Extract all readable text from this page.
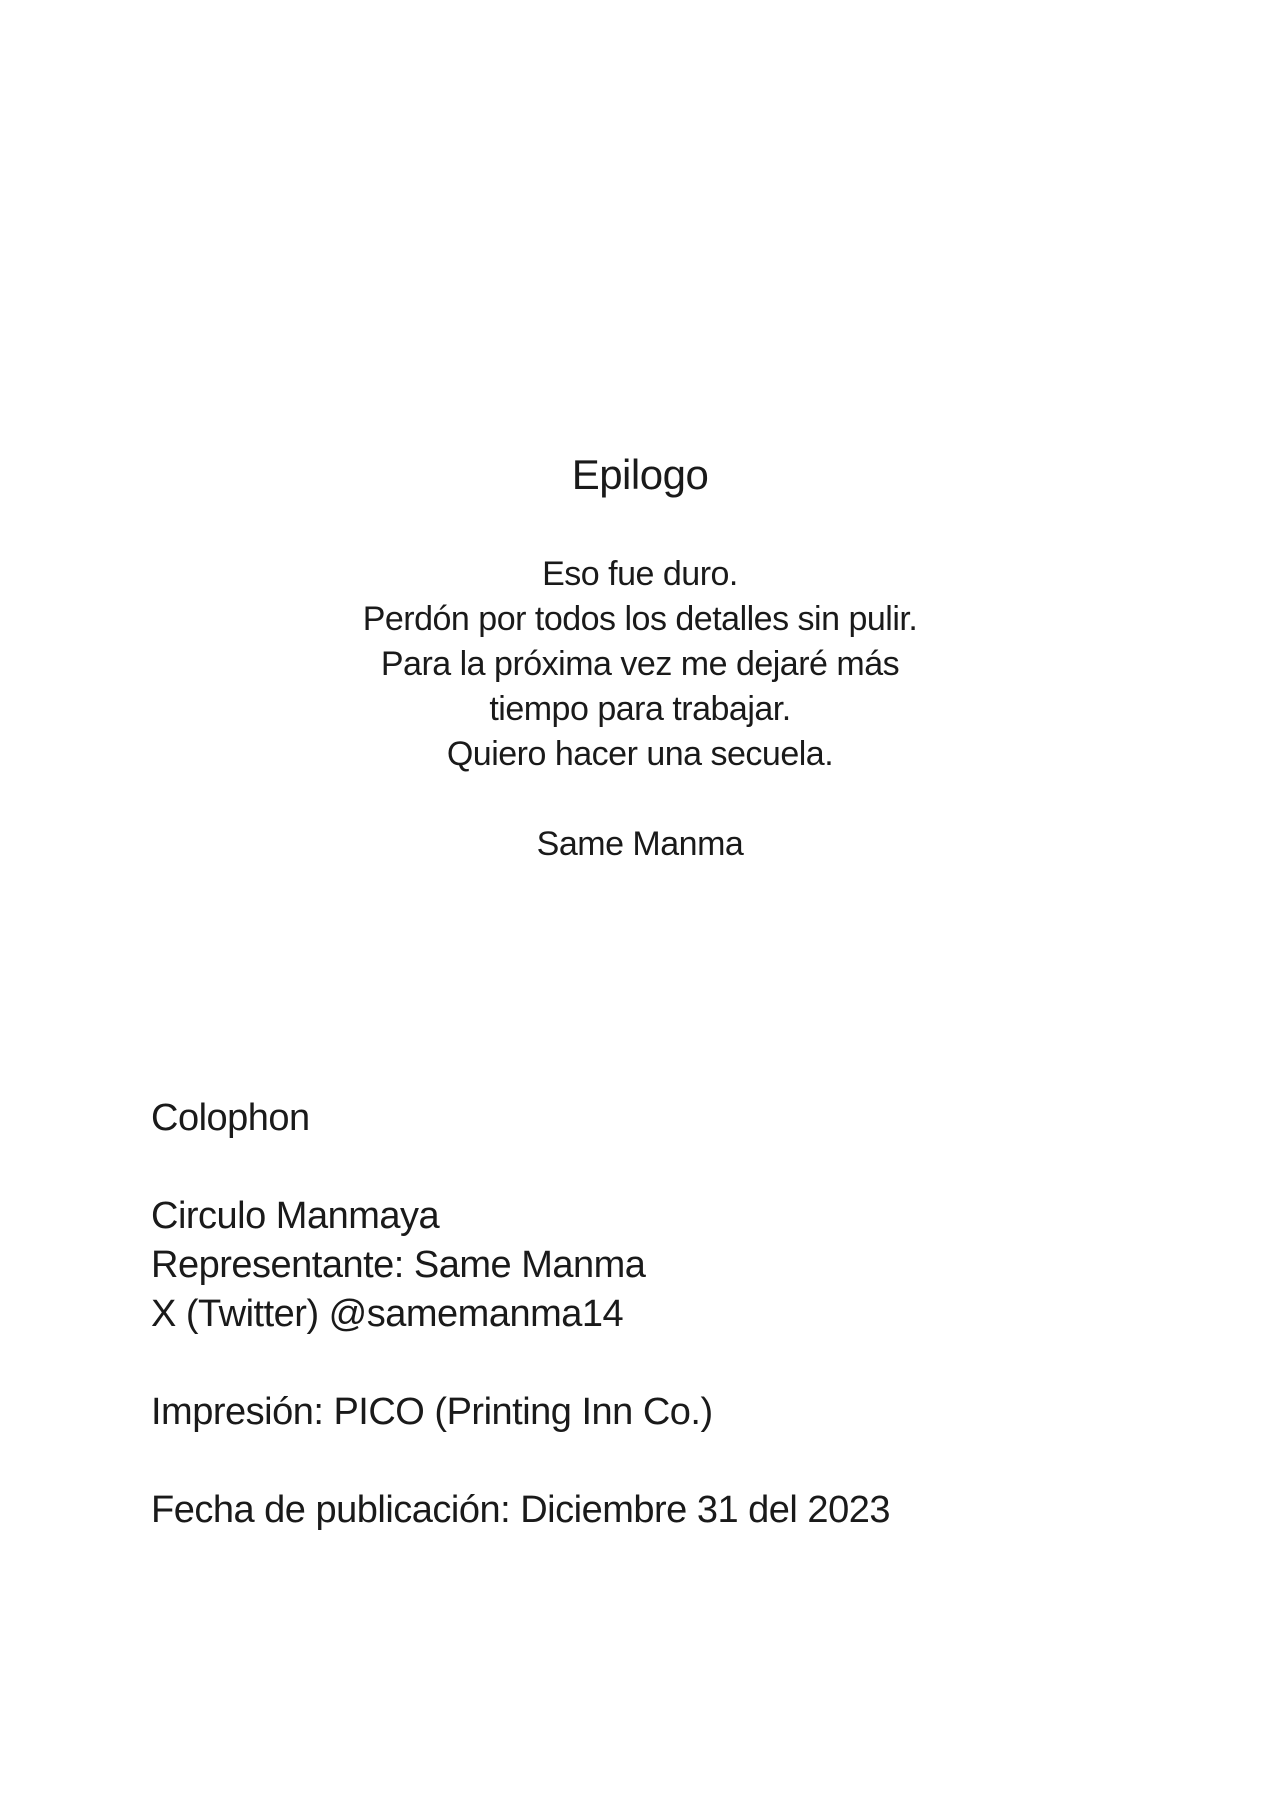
Epilogo
Eso fue duro.
Perdón por todos los detalles sin pulir.
Para la próxima vez me dejaré más
tiempo para trabajar.
Quiero hacer una secuela.
Same Manma
Colophon
Circulo Manmaya
Representante: Same Manma
X (Twitter) @samemanma14
Impresión: PICO (Printing Inn Co.)
Fecha de publicación: Diciembre 31 del 2023
